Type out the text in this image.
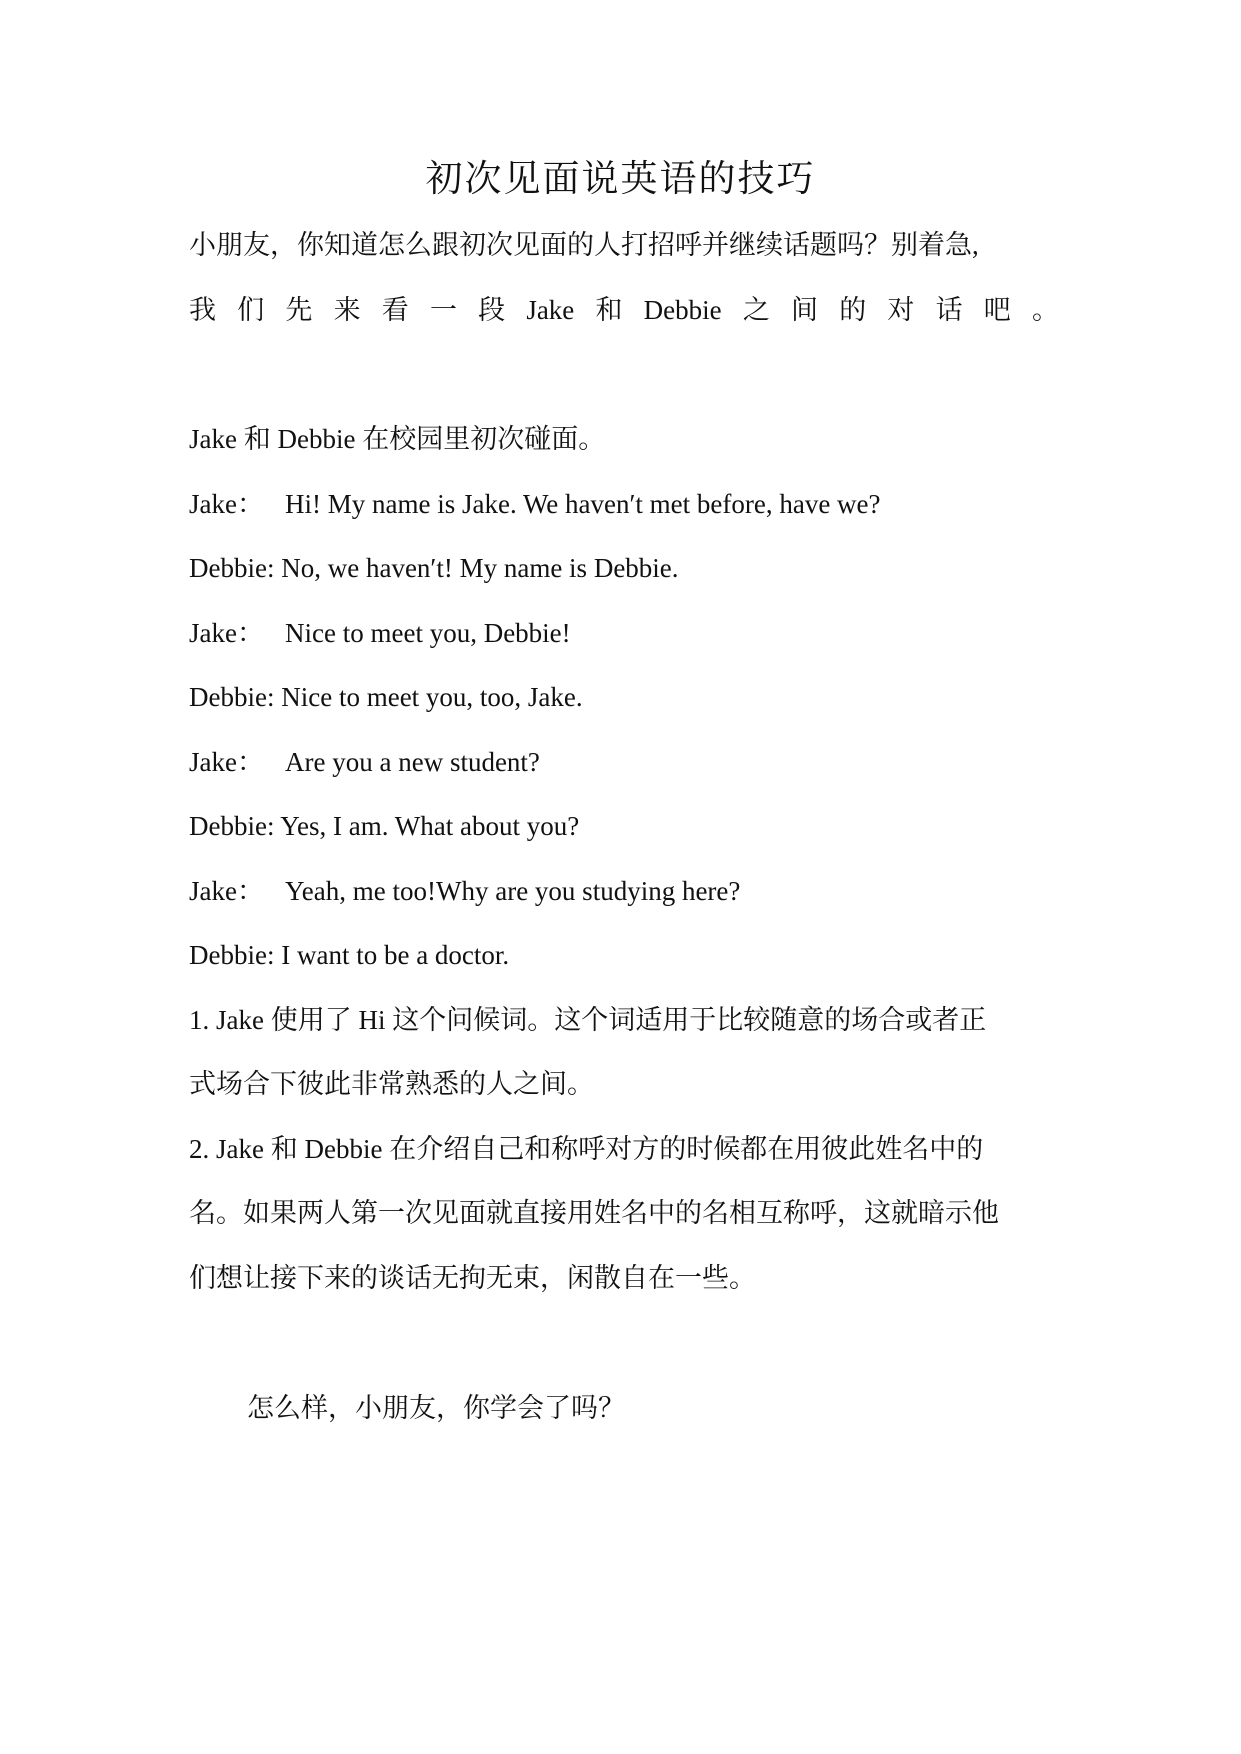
初次见面说英语的技巧
小朋友，你知道怎么跟初次见面的人打招呼并继续话题吗？别着急,
我 们 先 来 看 一 段 Jake 和 Debbie 之 间 的 对 话 吧 。
Jake 和 Debbie 在校园里初次碰面。
Jake： Hi! My name is Jake. We haven′t met before, have we?
Debbie: No, we haven′t! My name is Debbie.
Jake： Nice to meet you, Debbie!
Debbie: Nice to meet you, too, Jake.
Jake： Are you a new student?
Debbie: Yes, I am. What about you?
Jake： Yeah, me too!Why are you studying here?
Debbie: I want to be a doctor.
1. Jake 使用了 Hi 这个问候词。这个词适用于比较随意的场合或者正
式场合下彼此非常熟悉的人之间。
2. Jake 和 Debbie 在介绍自己和称呼对方的时候都在用彼此姓名中的
名。如果两人第一次见面就直接用姓名中的名相互称呼，这就暗示他
们想让接下来的谈话无拘无束，闲散自在一些。
怎么样，小朋友，你学会了吗？
